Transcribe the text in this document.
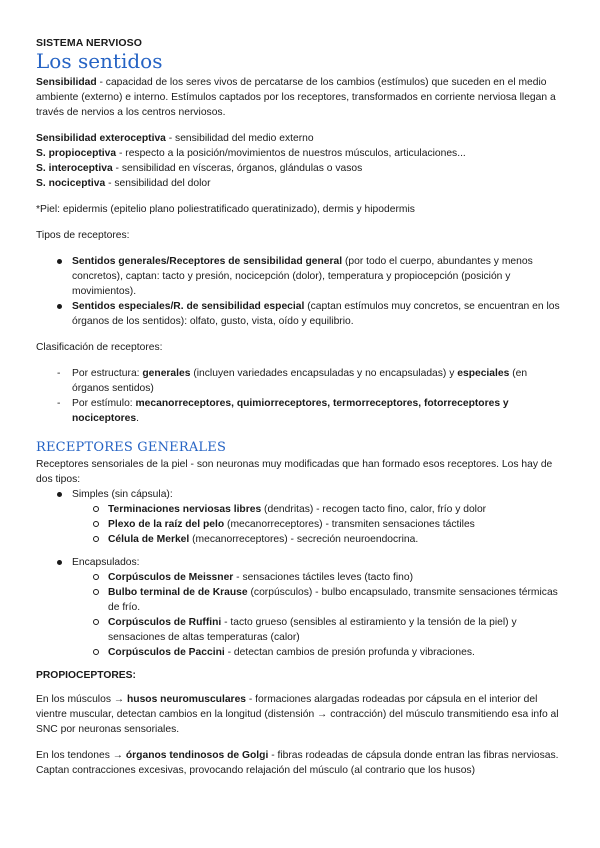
SISTEMA NERVIOSO
Los sentidos

Sensibilidad - capacidad de los seres vivos de percatarse de los cambios (estímulos) que suceden en el medio ambiente (externo) e interno. Estímulos captados por los receptores, transformados en corriente nerviosa llegan a través de nervios a los centros nerviosos.

Sensibilidad exteroceptiva - sensibilidad del medio externo

S. propioceptiva - respecto a la posición/movimientos de nuestros músculos, articulaciones...

S. interoceptiva - sensibilidad en vísceras, órganos, glándulas o vasos

S. nociceptiva - sensibilidad del dolor

*Piel: epidermis (epitelio plano poliestratificado queratinizado), dermis y hipodermis

Tipos de receptores:

Sentidos generales/Receptores de sensibilidad general (por todo el cuerpo, abundantes y menos concretos), captan: tacto y presión, nocicepción (dolor), temperatura y propiocepción (posición y movimientos).
Sentidos especiales/R. de sensibilidad especial (captan estímulos muy concretos, se encuentran en los órganos de los sentidos): olfato, gusto, vista, oído y equilibrio.

Clasificación de receptores:

- Por estructura: generales (incluyen variedades encapsuladas y no encapsuladas) y especiales (en órganos sentidos)
- Por estímulo: mecanorreceptores, quimiorreceptores, termorreceptores, fotorreceptores y nociceptores.
RECEPTORES GENERALES

Receptores sensoriales de la piel - son neuronas muy modificadas que han formado esos receptores. Los hay de dos tipos:

Simples (sin cápsula):
Terminaciones nerviosas libres (dendritas) - recogen tacto fino, calor, frío y dolor
Plexo de la raíz del pelo (mecanorreceptores) - transmiten sensaciones táctiles
Célula de Merkel (mecanorreceptores) - secreción neuroendocrina.
Encapsulados:
Corpúsculos de Meissner - sensaciones táctiles leves (tacto fino)
Bulbo terminal de de Krause (corpúsculos) - bulbo encapsulado, transmite sensaciones térmicas de frío.
Corpúsculos de Ruffini - tacto grueso (sensibles al estiramiento y la tensión de la piel) y sensaciones de altas temperaturas (calor)
Corpúsculos de Paccini - detectan cambios de presión profunda y vibraciones.
PROPIOCEPTORES:

En los músculos → husos neuromusculares - formaciones alargadas rodeadas por cápsula en el interior del vientre muscular, detectan cambios en la longitud (distensión → contracción) del músculo transmitiendo esa info al SNC por neuronas sensoriales.

En los tendones → órganos tendinosos de Golgi - fibras rodeadas de cápsula donde entran las fibras nerviosas. Captan contracciones excesivas, provocando relajación del músculo (al contrario que los husos)
